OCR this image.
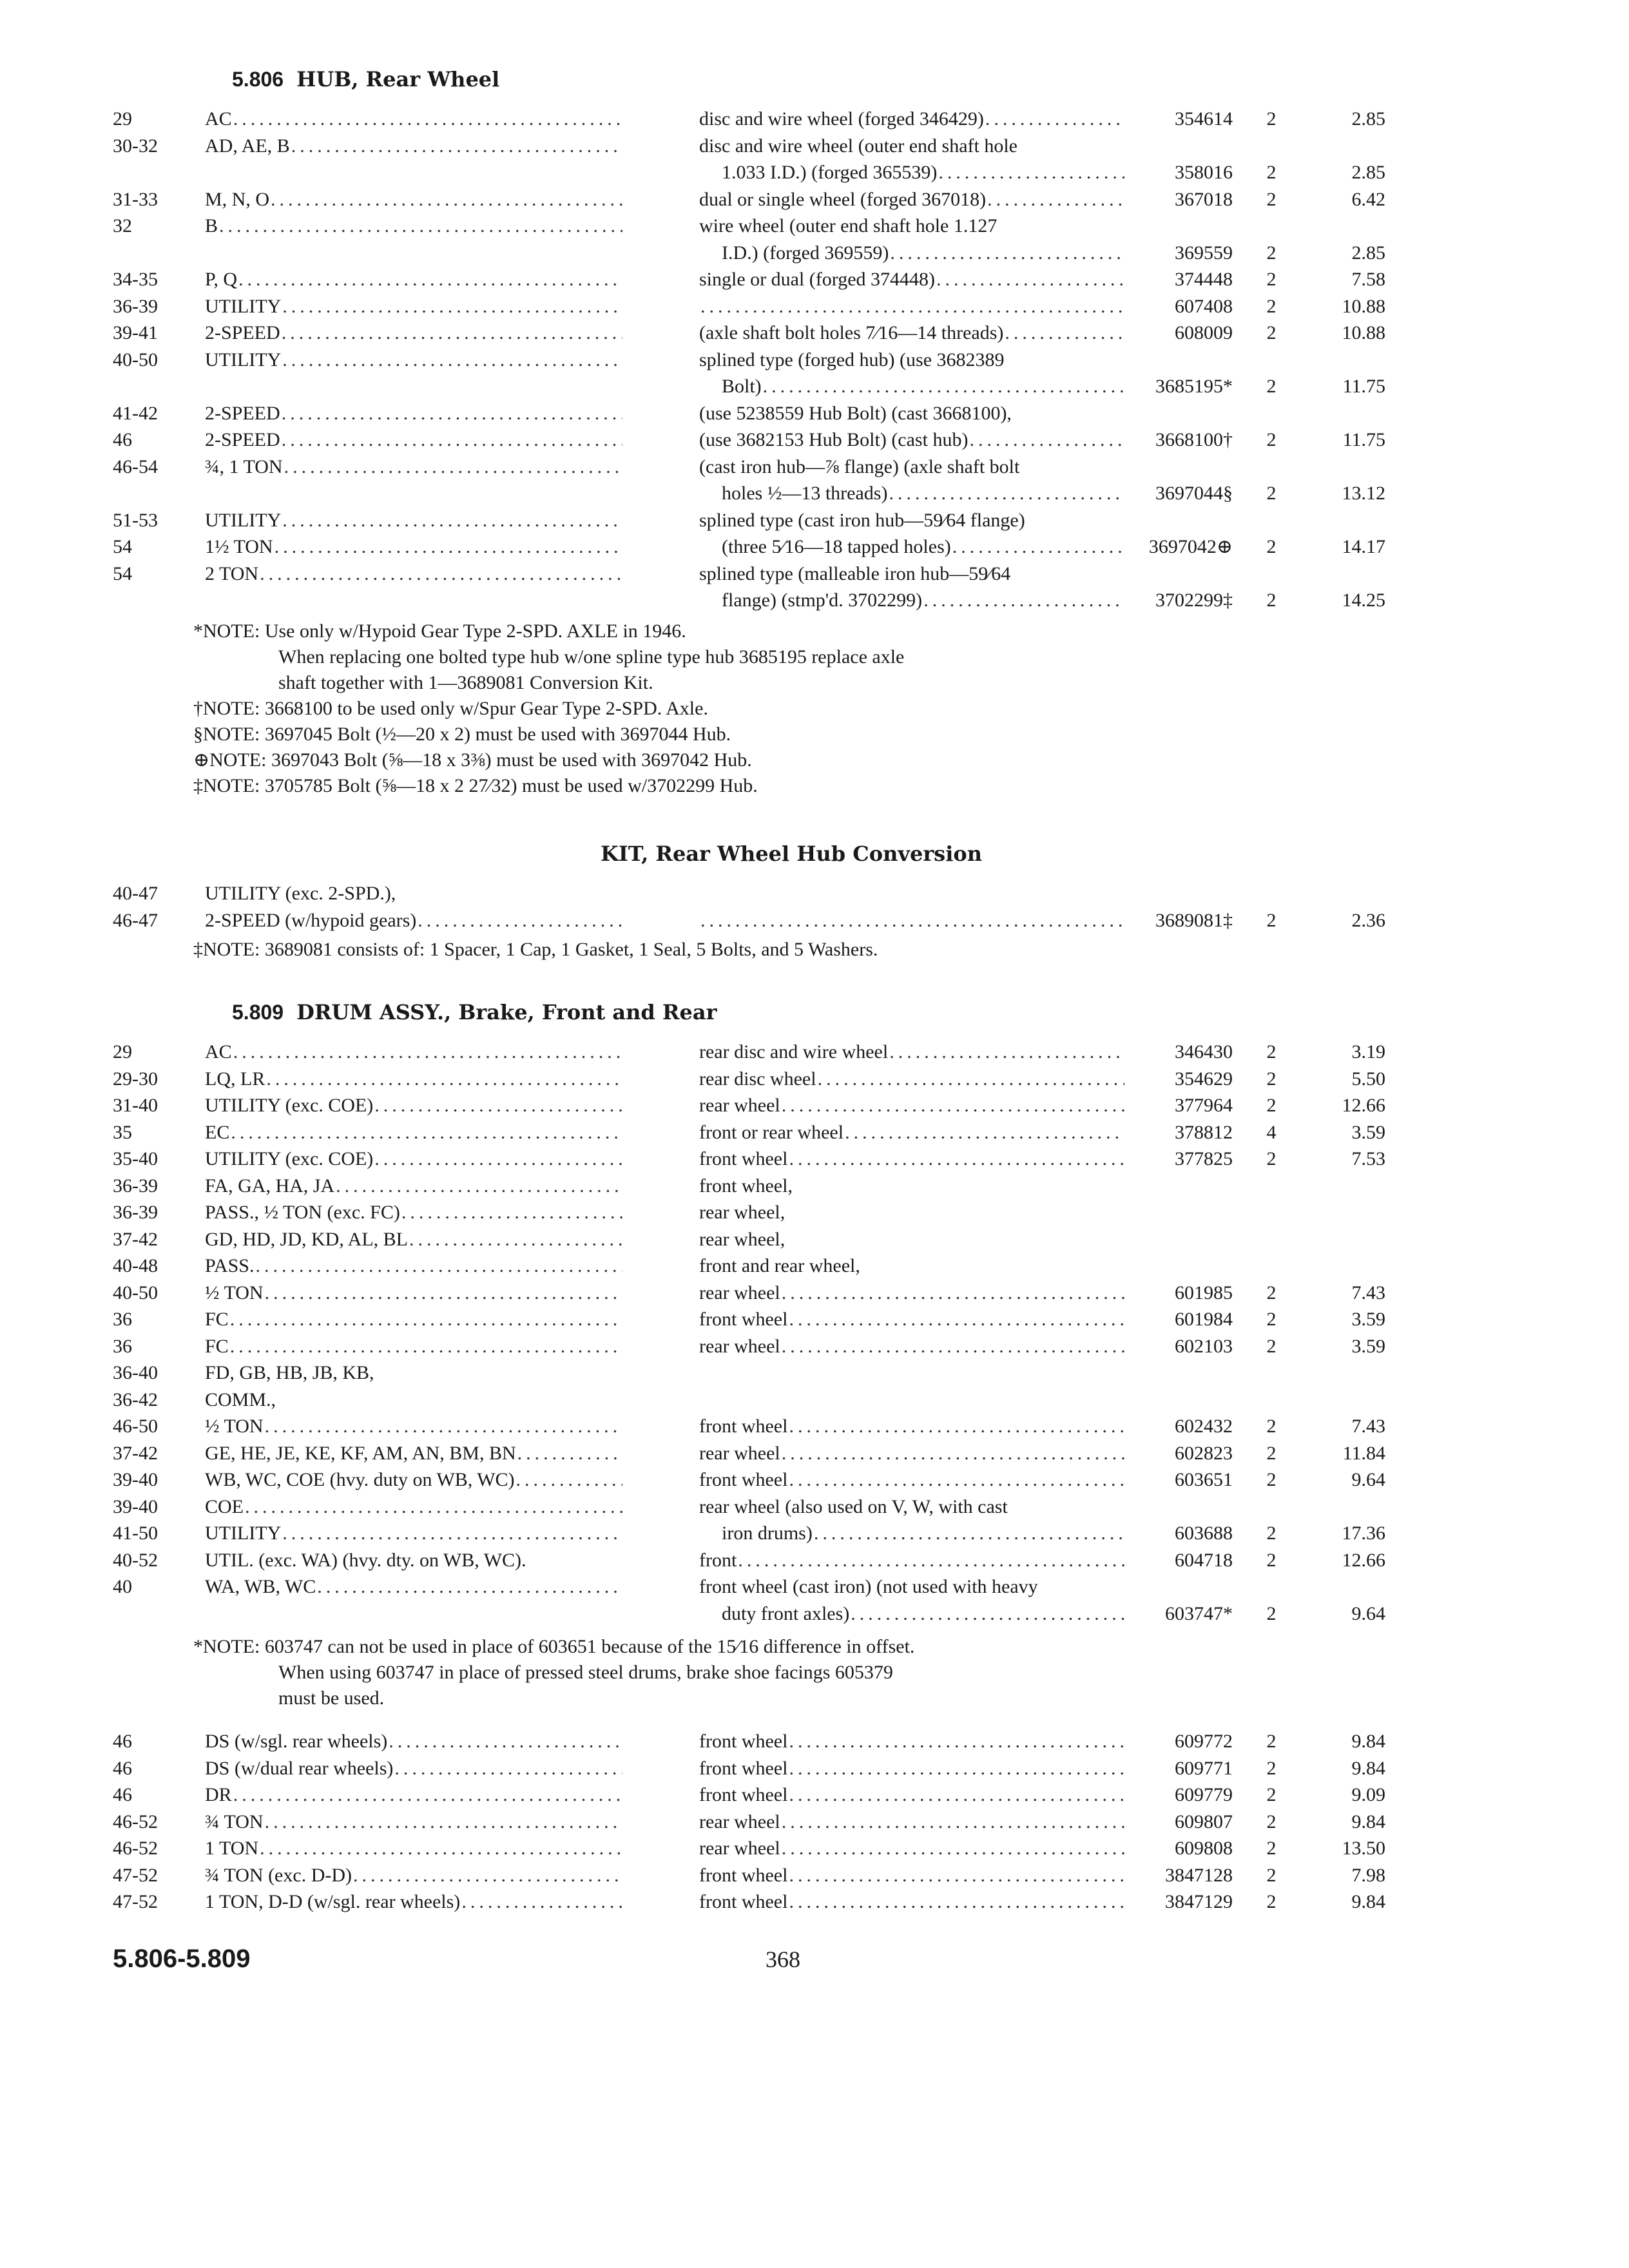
5.806 HUB, Rear Wheel
29	AC .....	disc and wire wheel (forged 346429) .....	354614 2	2.85
30-32 AD, AE, B .....	disc and wire wheel (outer end shaft hole
1.033 I.D.) (forged 365539) .....	358016 2	2.85
31-33 M, N, O .....	dual or single wheel (forged 367018) .....	367018 2	6.42
32	B .....	wire wheel (outer end shaft hole 1.127
I.D.) (forged 369559) .....	369559 2	2.85
34-35 P, Q .....	single or dual (forged 374448) .....	374448 2	7.58
36-39 UTILITY ..... .....	607408 2	10.88
39-41 2-SPEED .....	(axle shaft bolt holes 7⁄16—14 threads) .....	608009 2	10.88
40-50 UTILITY .....	splined type (forged hub) (use 3682389
Bolt) .....	3685195* 2	11.75
41-42 2-SPEED .....	(use 5238559 Hub Bolt) (cast 3668100),
46	2-SPEED .....	(use 3682153 Hub Bolt) (cast hub) .....	3668100† 2	11.75
46-54 ¾, 1 TON .....	(cast iron hub—⅞ flange) (axle shaft bolt
holes ½—13 threads) .....	3697044§ 2	13.12
51-53 UTILITY .....	splined type (cast iron hub—59⁄64 flange)
54	1½ TON .....	(three 5⁄16—18 tapped holes) .....	3697042⊕ 2	14.17
54	2 TON .....	splined type (malleable iron hub—59⁄64
flange) (stmp'd. 3702299) .....	3702299‡ 2	14.25
*NOTE: Use only w/Hypoid Gear Type 2-SPD. AXLE in 1946.
When replacing one bolted type hub w/one spline type hub 3685195 replace axle
shaft together with 1—3689081 Conversion Kit.
†NOTE: 3668100 to be used only w/Spur Gear Type 2-SPD. Axle.
§NOTE: 3697045 Bolt (½—20 x 2) must be used with 3697044 Hub.
⊕NOTE: 3697043 Bolt (⅝—18 x 3⅜) must be used with 3697042 Hub.
‡NOTE: 3705785 Bolt (⅝—18 x 2 27⁄32) must be used w/3702299 Hub.
KIT, Rear Wheel Hub Conversion
40-47 UTILITY (exc. 2-SPD.),
46-47 2-SPEED (w/hypoid gears) ..... .....	3689081‡ 2	2.36
‡NOTE: 3689081 consists of: 1 Spacer, 1 Cap, 1 Gasket, 1 Seal, 5 Bolts, and 5 Washers.
5.809 DRUM ASSY., Brake, Front and Rear
29	AC .....	rear disc and wire wheel .....	346430 2	3.19
29-30 LQ, LR .....	rear disc wheel .....	354629 2	5.50
31-40 UTILITY (exc. COE) .....	rear wheel .....	377964 2	12.66
35	EC .....	front or rear wheel .....	378812 4	3.59
35-40 UTILITY (exc. COE) .....	front wheel .....	377825 2	7.53
36-39 FA, GA, HA, JA .....	front wheel,
36-39 PASS., ½ TON (exc. FC) .....	rear wheel,
37-42 GD, HD, JD, KD, AL, BL .....	rear wheel,
40-48 PASS. .....	front and rear wheel,
40-50 ½ TON .....	rear wheel .....	601985 2	7.43
36	FC .....	front wheel .....	601984 2	3.59
36	FC .....	rear wheel .....	602103 2	3.59
36-40 FD, GB, HB, JB, KB,
36-42 COMM.,
46-50 ½ TON .....	front wheel .....	602432 2	7.43
37-42 GE, HE, JE, KE, KF, AM, AN, BM, BN .....	rear wheel .....	602823 2	11.84
39-40 WB, WC, COE (hvy. duty on WB, WC) .....	front wheel .....	603651 2	9.64
39-40 COE .....	rear wheel (also used on V, W, with cast
41-50 UTILITY .....	iron drums) .....	603688 2	17.36
40-52 UTIL. (exc. WA) (hvy. dty. on WB, WC).	front .....	604718 2	12.66
40	WA, WB, WC .....	front wheel (cast iron) (not used with heavy
duty front axles) .....	603747* 2	9.64
*NOTE: 603747 can not be used in place of 603651 because of the 15⁄16 difference in offset.
When using 603747 in place of pressed steel drums, brake shoe facings 605379
must be used.
46	DS (w/sgl. rear wheels) .....	front wheel .....	609772 2	9.84
46	DS (w/dual rear wheels) .....	front wheel .....	609771 2	9.84
46	DR .....	front wheel .....	609779 2	9.09
46-52 ¾ TON .....	rear wheel .....	609807 2	9.84
46-52 1 TON .....	rear wheel .....	609808 2	13.50
47-52 ¾ TON (exc. D-D) .....	front wheel .....	3847128 2	7.98
47-52 1 TON, D-D (w/sgl. rear wheels) .....	front wheel .....	3847129 2	9.84
5.806-5.809	368
